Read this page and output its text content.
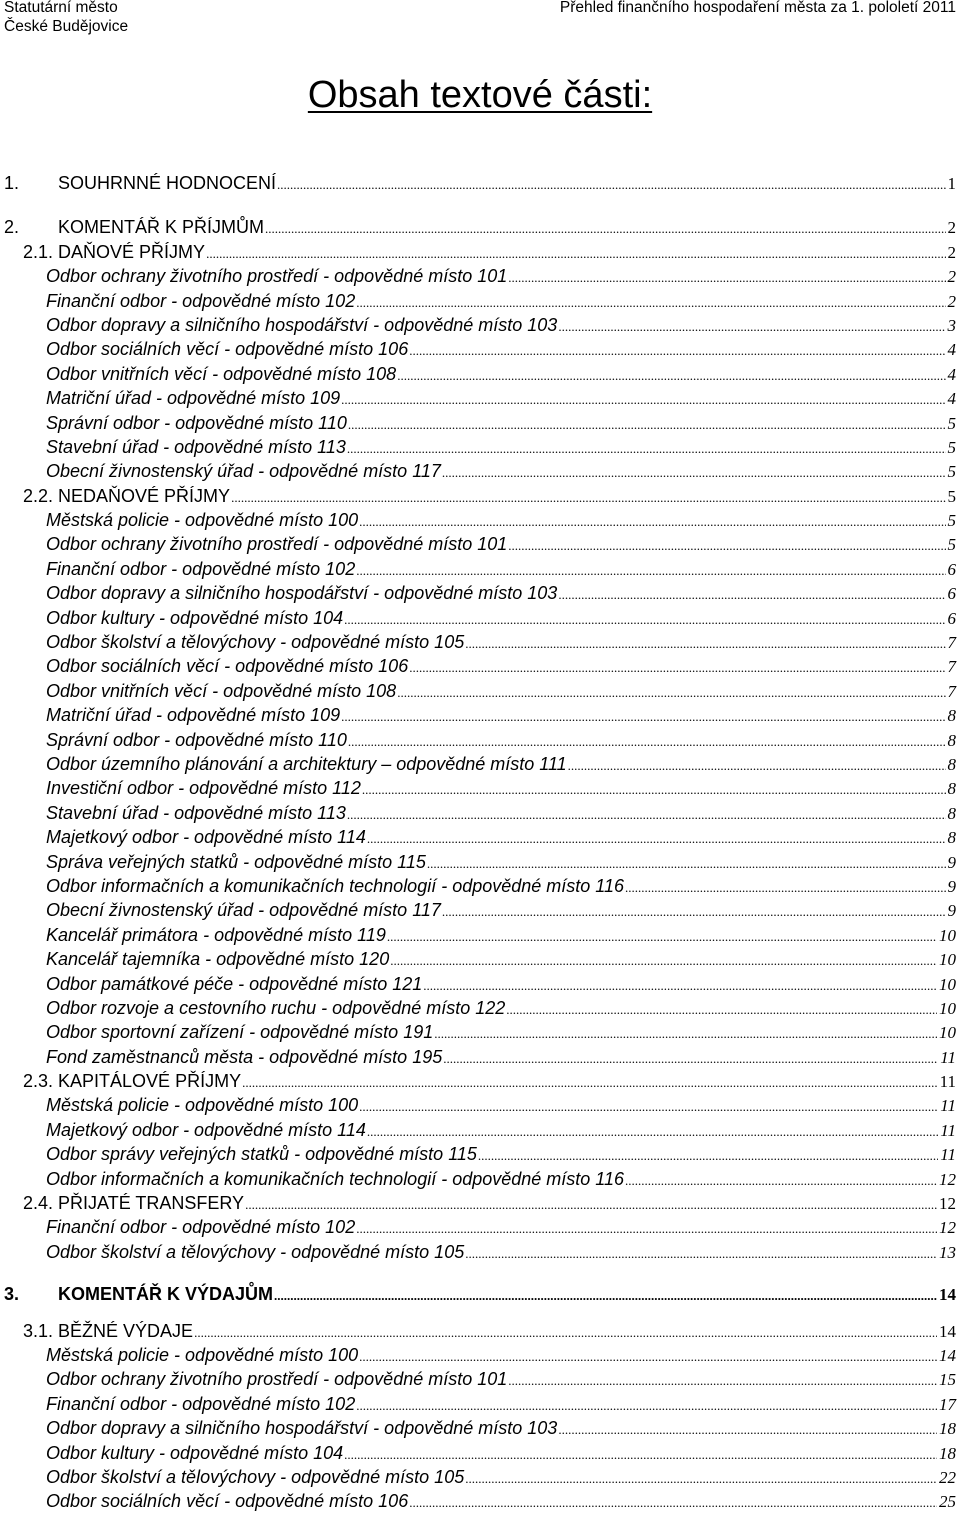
Statutární město
České Budějovice
Přehled finančního hospodaření města za 1. pololetí 2011
Obsah textové části:
1.	SOUHRNNÉ HODNOCENÍ .....	1
2.	KOMENTÁŘ K PŘÍJMŮM .....	2
2.1. DAŇOVÉ PŘÍJMY .....	2
Odbor ochrany životního prostředí - odpovědné místo 101 .....	2
Finanční odbor - odpovědné místo 102 .....	2
Odbor dopravy a silničního hospodářství - odpovědné místo 103 .....	3
Odbor sociálních věcí - odpovědné místo 106 .....	4
Odbor vnitřních věcí - odpovědné místo 108 .....	4
Matriční úřad - odpovědné místo 109 .....	4
Správní odbor - odpovědné místo 110 .....	5
Stavební úřad - odpovědné místo 113 .....	5
Obecní živnostenský úřad - odpovědné místo 117 .....	5
2.2. NEDAŇOVÉ PŘÍJMY .....	5
Městská policie - odpovědné místo 100 .....	5
Odbor ochrany životního prostředí - odpovědné místo 101 .....	5
Finanční odbor - odpovědné místo 102 .....	6
Odbor dopravy a silničního hospodářství - odpovědné místo 103 .....	6
Odbor kultury - odpovědné místo 104 .....	6
Odbor školství a tělovýchovy - odpovědné místo 105 .....	7
Odbor sociálních věcí - odpovědné místo 106 .....	7
Odbor vnitřních věcí - odpovědné místo 108 .....	7
Matriční úřad - odpovědné místo 109 .....	8
Správní odbor - odpovědné místo 110 .....	8
Odbor územního plánování a architektury – odpovědné místo 111 .....	8
Investiční odbor - odpovědné místo 112 .....	8
Stavební úřad - odpovědné místo 113 .....	8
Majetkový odbor - odpovědné místo 114 .....	8
Správa veřejných statků - odpovědné místo 115 .....	9
Odbor informačních a komunikačních technologií - odpovědné místo 116 .....	9
Obecní živnostenský úřad - odpovědné místo 117 .....	9
Kancelář primátora - odpovědné místo 119 .....	10
Kancelář tajemníka - odpovědné místo 120 .....	10
Odbor památkové péče - odpovědné místo 121 .....	10
Odbor rozvoje a cestovního ruchu - odpovědné místo 122 .....	10
Odbor sportovní zařízení - odpovědné místo 191 .....	10
Fond zaměstnanců města - odpovědné místo 195 .....	11
2.3. KAPITÁLOVÉ PŘÍJMY .....	11
Městská policie - odpovědné místo 100 .....	11
Majetkový odbor - odpovědné místo 114 .....	11
Odbor správy veřejných statků - odpovědné místo 115 .....	11
Odbor informačních a komunikačních technologií - odpovědné místo 116 .....	12
2.4. PŘIJATÉ TRANSFERY .....	12
Finanční odbor - odpovědné místo 102 .....	12
Odbor školství a tělovýchovy - odpovědné místo 105 .....	13
3.	KOMENTÁŘ K VÝDAJŮM .....	14
3.1. BĚŽNÉ VÝDAJE .....	14
Městská policie - odpovědné místo 100 .....	14
Odbor ochrany životního prostředí - odpovědné místo 101 .....	15
Finanční odbor - odpovědné místo 102 .....	17
Odbor dopravy a silničního hospodářství - odpovědné místo 103 .....	18
Odbor kultury - odpovědné místo 104 .....	18
Odbor školství a tělovýchovy - odpovědné místo 105 .....	22
Odbor sociálních věcí - odpovědné místo 106 .....	25
